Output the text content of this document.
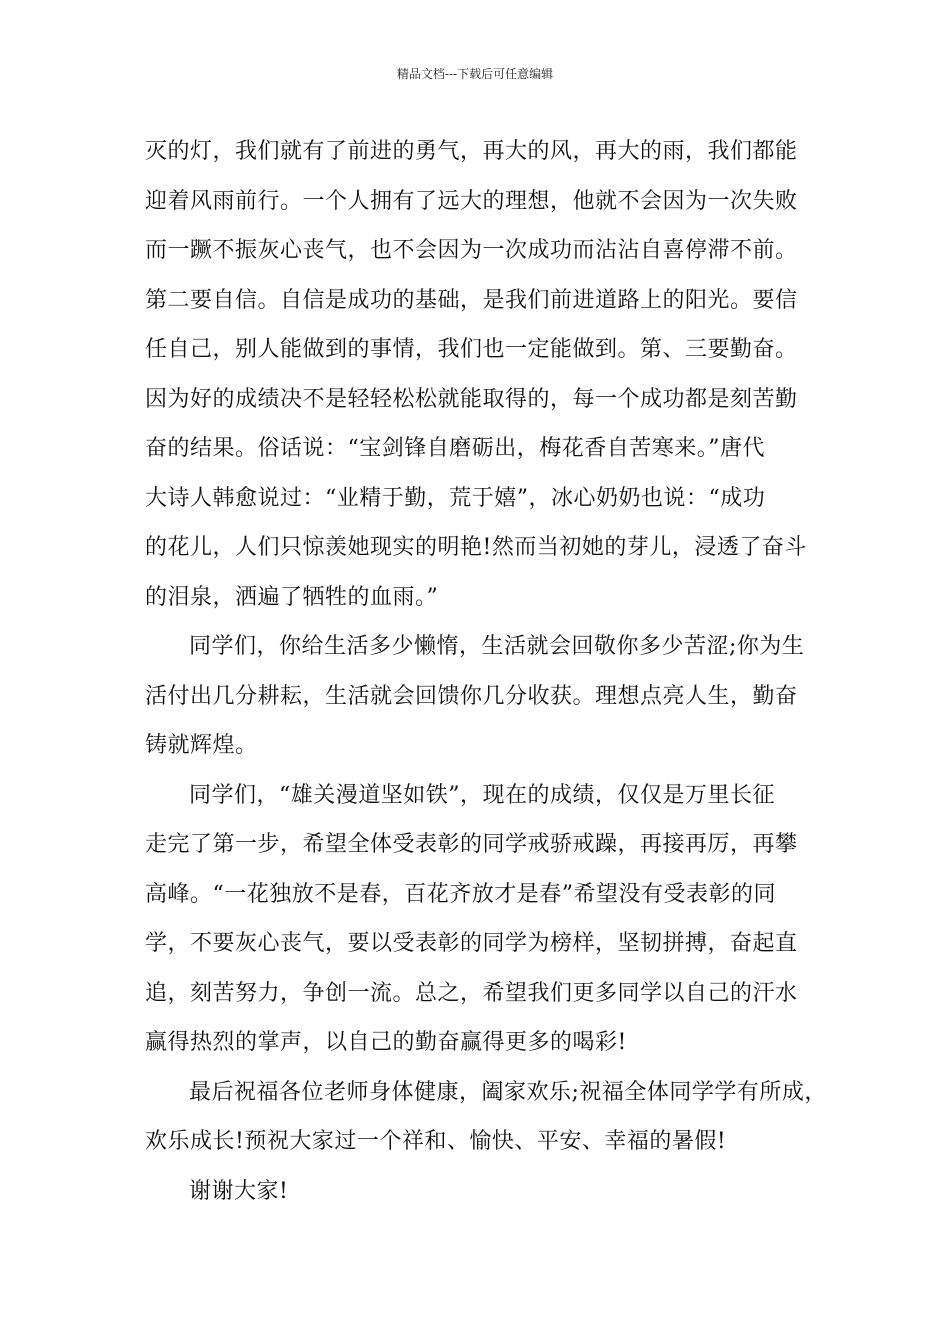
精品文档---下载后可任意编辑
灭的灯，我们就有了前进的勇气，再大的风，再大的雨，我们都能
迎着风雨前行。一个人拥有了远大的理想，他就不会因为一次失败
而一蹶不振灰心丧气，也不会因为一次成功而沾沾自喜停滞不前。
第二要自信。自信是成功的基础，是我们前进道路上的阳光。要信
任自己，别人能做到的事情，我们也一定能做到。第、三要勤奋。
因为好的成绩决不是轻轻松松就能取得的，每一个成功都是刻苦勤
奋的结果。俗话说：“宝剑锋自磨砺出，梅花香自苦寒来。”唐代
大诗人韩愈说过：“业精于勤，荒于嬉”，冰心奶奶也说：“成功
的花儿，人们只惊羡她现实的明艳!然而当初她的芽儿，浸透了奋斗
的泪泉，洒遍了牺牲的血雨。”
同学们，你给生活多少懒惰，生活就会回敬你多少苦涩;你为生
活付出几分耕耘，生活就会回馈你几分收获。理想点亮人生，勤奋
铸就辉煌。
同学们，“雄关漫道坚如铁”，现在的成绩，仅仅是万里长征
走完了第一步，希望全体受表彰的同学戒骄戒躁，再接再厉，再攀
高峰。“一花独放不是春，百花齐放才是春”希望没有受表彰的同
学，不要灰心丧气，要以受表彰的同学为榜样，坚韧拼搏，奋起直
追，刻苦努力，争创一流。总之，希望我们更多同学以自己的汗水
赢得热烈的掌声，以自己的勤奋赢得更多的喝彩!
最后祝福各位老师身体健康，阖家欢乐;祝福全体同学学有所成，
欢乐成长!预祝大家过一个祥和、愉快、平安、幸福的暑假!
谢谢大家!
